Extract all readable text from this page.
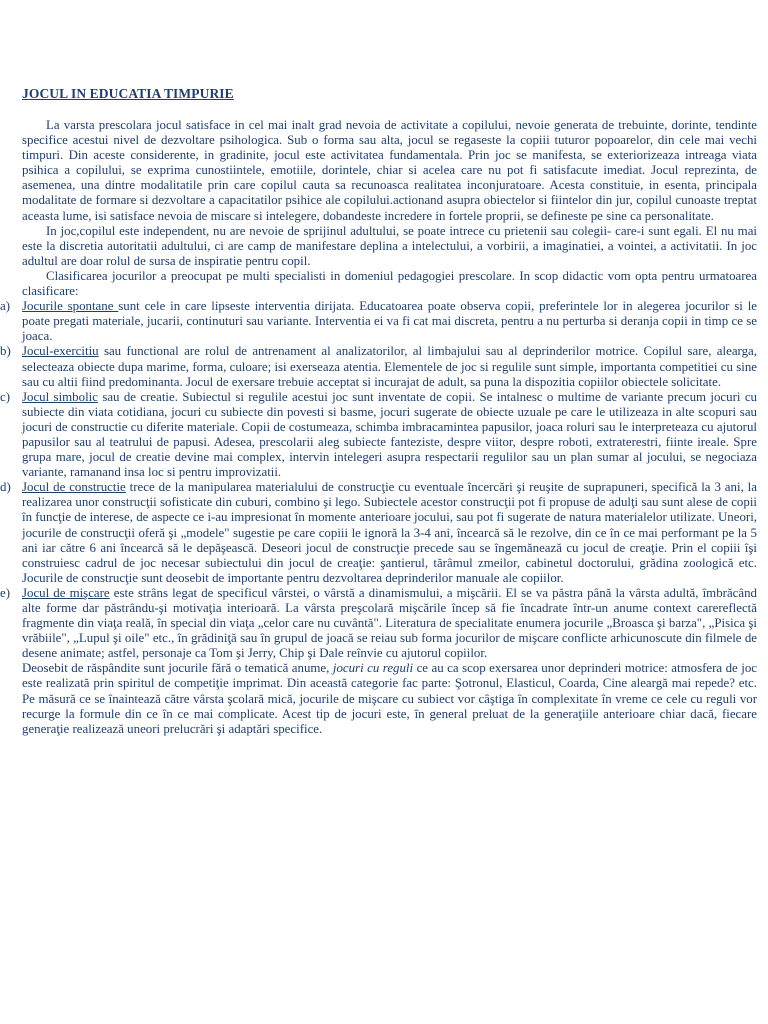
JOCUL IN EDUCATIA TIMPURIE

La varsta prescolara jocul satisface in cel mai inalt grad nevoia de activitate a copilului, nevoie generata de trebuinte, dorinte, tendinte specifice acestui nivel de dezvoltare psihologica. Sub o forma sau alta, jocul se regaseste la copiii tuturor popoarelor, din cele mai vechi timpuri. Din aceste considerente, in gradinite, jocul este activitatea fundamentala. Prin joc se manifesta, se exteriorizeaza intreaga viata psihica a copilului, se exprima cunostiintele, emotiile, dorintele, chiar si acelea care nu pot fi satisfacute imediat. Jocul reprezinta, de asemenea, una dintre modalitatile prin care copilul cauta sa recunoasca realitatea inconjuratoare. Acesta constituie, in esenta, principala modalitate de formare si dezvoltare a capacitatilor psihice ale copilului.actionand asupra obiectelor si fiintelor din jur, copilul cunoaste treptat aceasta lume, isi satisface nevoia de miscare si intelegere, dobandeste incredere in fortele proprii, se defineste pe sine ca personalitate.

In joc,copilul este independent, nu are nevoie de sprijinul adultului, se poate intrece cu prietenii sau colegii- care-i sunt egali. El nu mai este la discretia autoritatii adultului, ci are camp de manifestare deplina a intelectului, a vorbirii, a imaginatiei, a vointei, a activitatii. In joc adultul are doar rolul de sursa de inspiratie pentru copil.

Clasificarea jocurilor a preocupat pe multi specialisti in domeniul pedagogiei prescolare. In scop didactic vom opta pentru urmatoarea clasificare:

a) Jocurile spontane sunt cele in care lipseste interventia dirijata. Educatoarea poate observa copii, preferintele lor in alegerea jocurilor si le poate pregati materiale, jucarii, continuturi sau variante. Interventia ei va fi cat mai discreta, pentru a nu perturba si deranja copii in timp ce se joaca.

b) Jocul-exercitiu sau functional are rolul de antrenament al analizatorilor, al limbajului sau al deprinderilor motrice. Copilul sare, alearga, selecteaza obiecte dupa marime, forma, culoare; isi exerseaza atentia. Elementele de joc si regulile sunt simple, importanta competitiei cu sine sau cu altii fiind predominanta. Jocul de exersare trebuie acceptat si incurajat de adult, sa puna la dispozitia copiilor obiectele solicitate.

c) Jocul simbolic sau de creatie. Subiectul si regulile acestui joc sunt inventate de copii. Se intalnesc o multime de variante precum jocuri cu subiecte din viata cotidiana, jocuri cu subiecte din povesti si basme, jocuri sugerate de obiecte uzuale pe care le utilizeaza in alte scopuri sau jocuri de constructie cu diferite materiale. Copii de costumeaza, schimba imbracamintea papusilor, joaca roluri sau le interpreteaza cu ajutorul papusilor sau al teatrului de papusi. Adesea, prescolarii aleg subiecte fanteziste, despre viitor, despre roboti, extraterestri, fiinte ireale. Spre grupa mare, jocul de creatie devine mai complex, intervin intelegeri asupra respectarii regulilor sau un plan sumar al jocului, se negociaza variante, ramanand insa loc si pentru improvizatii.

d) Jocul de constructie trece de la manipularea materialului de construcţie cu eventuale încercări şi reuşite de suprapuneri, specifică la 3 ani, la realizarea unor construcţii sofisticate din cuburi, combino şi lego. Subiectele acestor construcţii pot fi propuse de adulţi sau sunt alese de copii în funcţie de interese, de aspecte ce i-au impresionat în momente anterioare jocului, sau pot fi sugerate de natura materialelor utilizate. Uneori, jocurile de construcţii oferă şi „modele" sugestie pe care copiii le ignoră la 3-4 ani, încearcă să le rezolve, din ce în ce mai performant pe la 5 ani iar către 6 ani încearcă să le depăşească. Deseori jocul de construcţie precede sau se îngemănează cu jocul de creaţie. Prin el copiii îşi construiesc cadrul de joc necesar subiectului din jocul de creaţie: şantierul, tărâmul zmeilor, cabinetul doctorului, grădina zoologică etc. Jocurile de construcţie sunt deosebit de importante pentru dezvoltarea deprinderilor manuale ale copiilor.

e) Jocul de mişcare este strâns legat de specificul vârstei, o vârstă a dinamismului, a mişcării. El se va păstra până la vârsta adultă, îmbrăcând alte forme dar păstrându-şi motivaţia interioară. La vârsta preşcolară mişcările încep să fie încadrate într-un anume context carereflectă fragmente din viaţa reală, în special din viaţa „celor care nu cuvântă". Literatura de specialitate enumera jocurile „Broasca şi barza", „Pisica şi vrăbiile", „Lupul şi oile" etc., în grădiniţă sau în grupul de joacă se reiau sub forma jocurilor de mişcare conflicte arhicunoscute din filmele de desene animate; astfel, personaje ca Tom şi Jerry, Chip şi Dale reînvie cu ajutorul copiilor.

Deosebit de răspândite sunt jocurile fără o tematică anume, jocuri cu reguli ce au ca scop exersarea unor deprinderi motrice: atmosfera de joc este realizată prin spiritul de competiţie imprimat. Din această categorie fac parte: Şotronul, Elasticul, Coarda, Cine aleargă mai repede? etc. Pe măsură ce se înaintează către vârsta şcolară mică, jocurile de mişcare cu subiect vor câştiga în complexitate în vreme ce cele cu reguli vor recurge la formule din ce în ce mai complicate. Acest tip de jocuri este, în general preluat de la generaţiile anterioare chiar dacă, fiecare generaţie realizează uneori prelucrări şi adaptări specifice.
